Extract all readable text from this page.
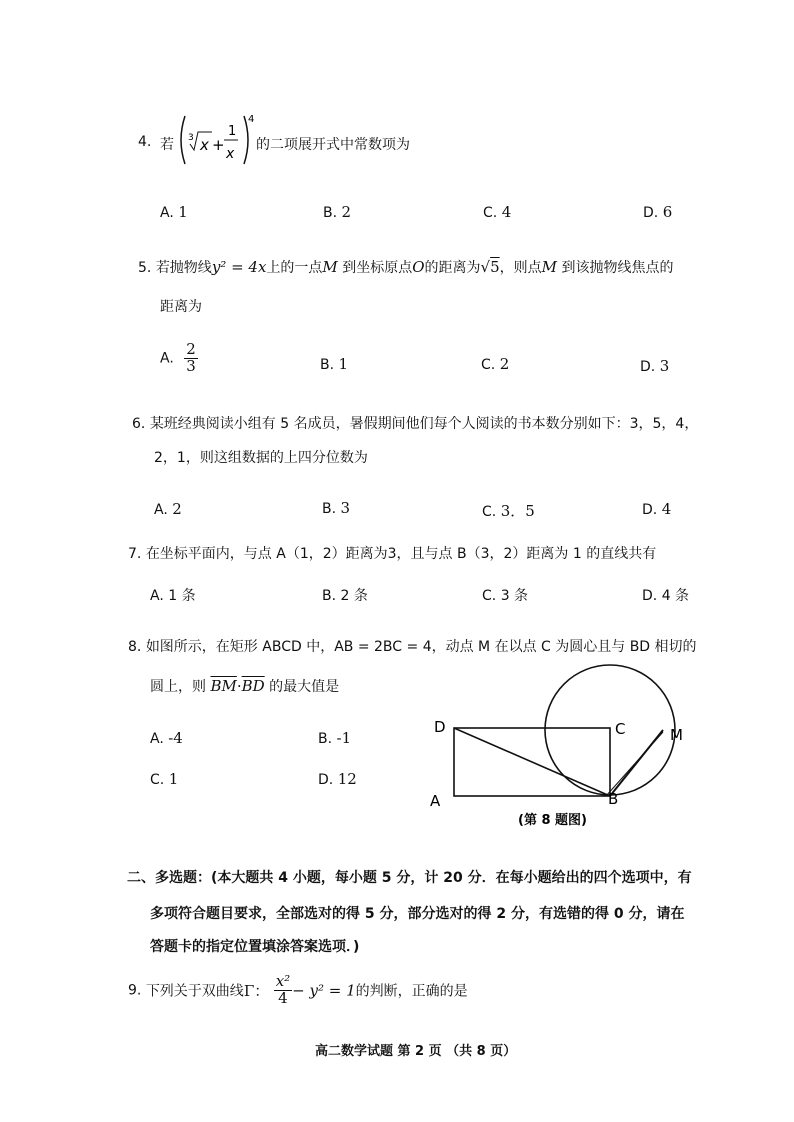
4. 若 3 x +
1
x
4
的二项展开式中常数项为
A. 1	B. 2	C. 4	D. 6
5. 若抛物线y² = 4x上的一点M 到坐标原点O的距离为√5，则点M 到该抛物线焦点的
距离为
A. $\frac{2}{3}$	B. 1	C. 2	D. 3
6. 某班经典阅读小组有 5 名成员，暑假期间他们每个人阅读的书本数分别如下：3，5，4，
2，1，则这组数据的上四分位数为
A. 2	B. 3	C. 3．5	D. 4
7. 在坐标平面内，与点 A（1，2）距离为3，且与点 B（3，2）距离为 1 的直线共有
A. 1 条	B. 2 条	C. 3 条	D. 4 条
8. 如图所示，在矩形 ABCD 中，AB = 2BC = 4，动点 M 在以点 C 为圆心且与 BD 相切的
圆上，则 $\overline{BM}\cdot\overline{BD}$ 的最大值是
A. -4	B. -1
C. 1	D. 12
D	C	M
A	B
(第 8 题图)
二、多选题：(本大题共 4 小题，每小题 5 分，计 20 分．在每小题给出的四个选项中，有
多项符合题目要求，全部选对的得 5 分，部分选对的得 2 分，有选错的得 0 分，请在
答题卡的指定位置填涂答案选项．)
9. 下列关于双曲线Γ： $\frac{\text{x²}}{4} - y^2 = 1$的判断，正确的是
高二数学试题 第 2 页 （共 8 页）
